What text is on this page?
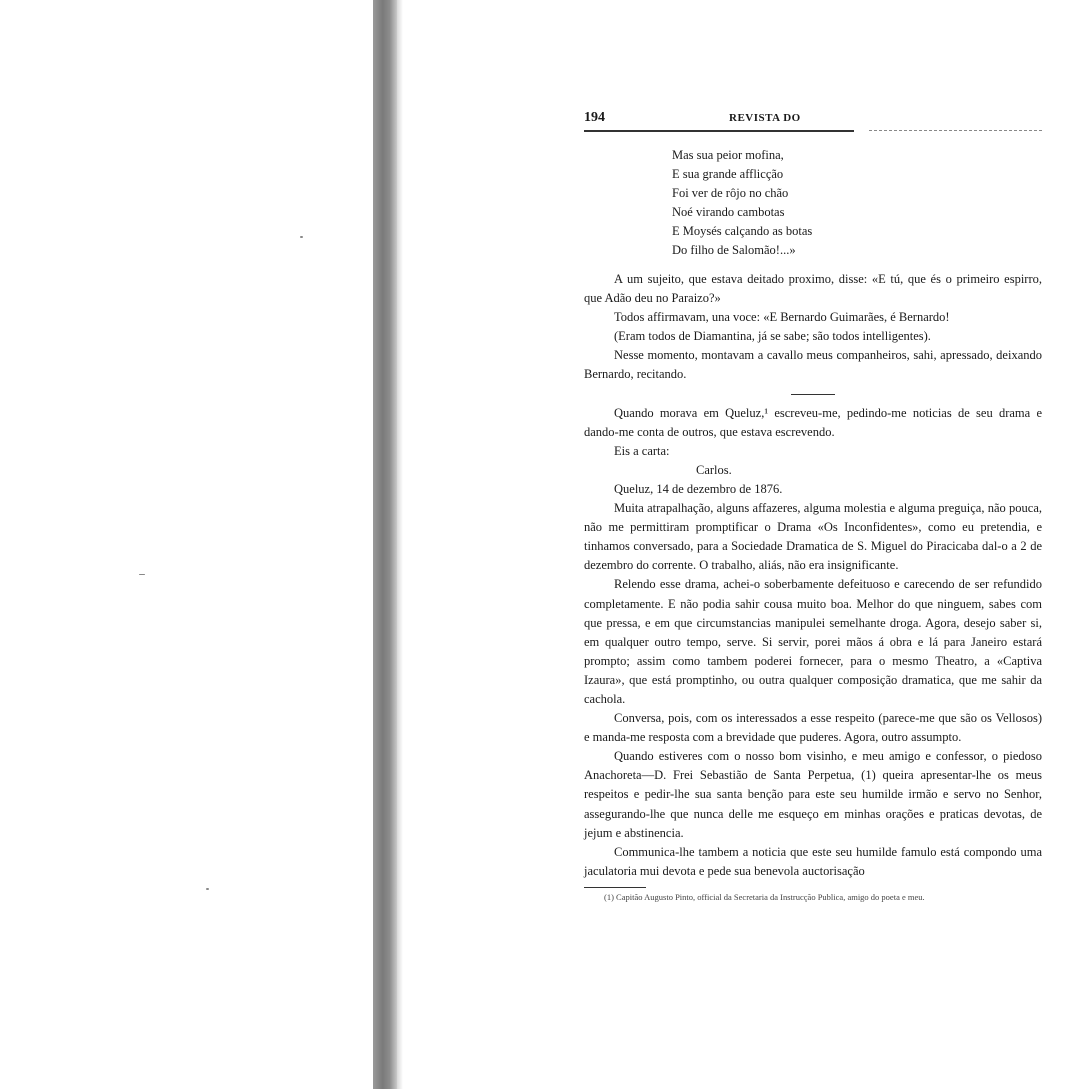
194	REVISTA DO
Mas sua peior mofina,
E sua grande afflicção
Foi ver de rôjo no chão
Noé virando cambotas
E Moysés calçando as botas
Do filho de Salomão!...»

A um sujeito, que estava deitado proximo, disse: «E tú, que és o primeiro espirro, que Adão deu no Paraizo?»

Todos affirmavam, una voce: «E Bernardo Guimarães, é Bernardo!

(Eram todos de Diamantina, já se sabe; são todos intelligentes).

Nesse momento, montavam a cavallo meus companheiros, sahi, apressado, deixando Bernardo, recitando.

Quando morava em Queluz,¹ escreveu-me, pedindo-me noticias de seu drama e dando-me conta de outros, que estava escrevendo.

Eis a carta:

Carlos.

Queluz, 14 de dezembro de 1876.

Muita atrapalhação, alguns affazeres, alguma molestia e alguma preguiça, não pouca, não me permittiram promptificar o Drama «Os Inconfidentes», como eu pretendia, e tinhamos conversado, para a Sociedade Dramatica de S. Miguel do Piracicaba dal-o a 2 de dezembro do corrente. O trabalho, aliás, não era insignificante.

Relendo esse drama, achei-o soberbamente defeituoso e carecendo de ser refundido completamente. E não podia sahir cousa muito boa. Melhor do que ninguem, sabes com que pressa, e em que circumstancias manipulei semelhante droga. Agora, desejo saber si, em qualquer outro tempo, serve. Si servir, porei mãos á obra e lá para Janeiro estará prompto; assim como tambem poderei fornecer, para o mesmo Theatro, a «Captiva Izaura», que está promptinho, ou outra qualquer composição dramatica, que me sahir da cachola.

Conversa, pois, com os interessados a esse respeito (parece-me que são os Vellosos) e manda-me resposta com a brevidade que puderes. Agora, outro assumpto.

Quando estiveres com o nosso bom visinho, e meu amigo e confessor, o piedoso Anachoreta—D. Frei Sebastião de Santa Perpetua, (1) queira apresentar-lhe os meus respeitos e pedir-lhe sua santa benção para este seu humilde irmão e servo no Senhor, assegurando-lhe que nunca delle me esqueço em minhas orações e praticas devotas, de jejum e abstinencia.

Communica-lhe tambem a noticia que este seu humilde famulo está compondo uma jaculatoria mui devota e pede sua benevola auctorisação

(1) Capitão Augusto Pinto, official da Secretaria da Instrucção Publica, amigo do poeta e meu.
